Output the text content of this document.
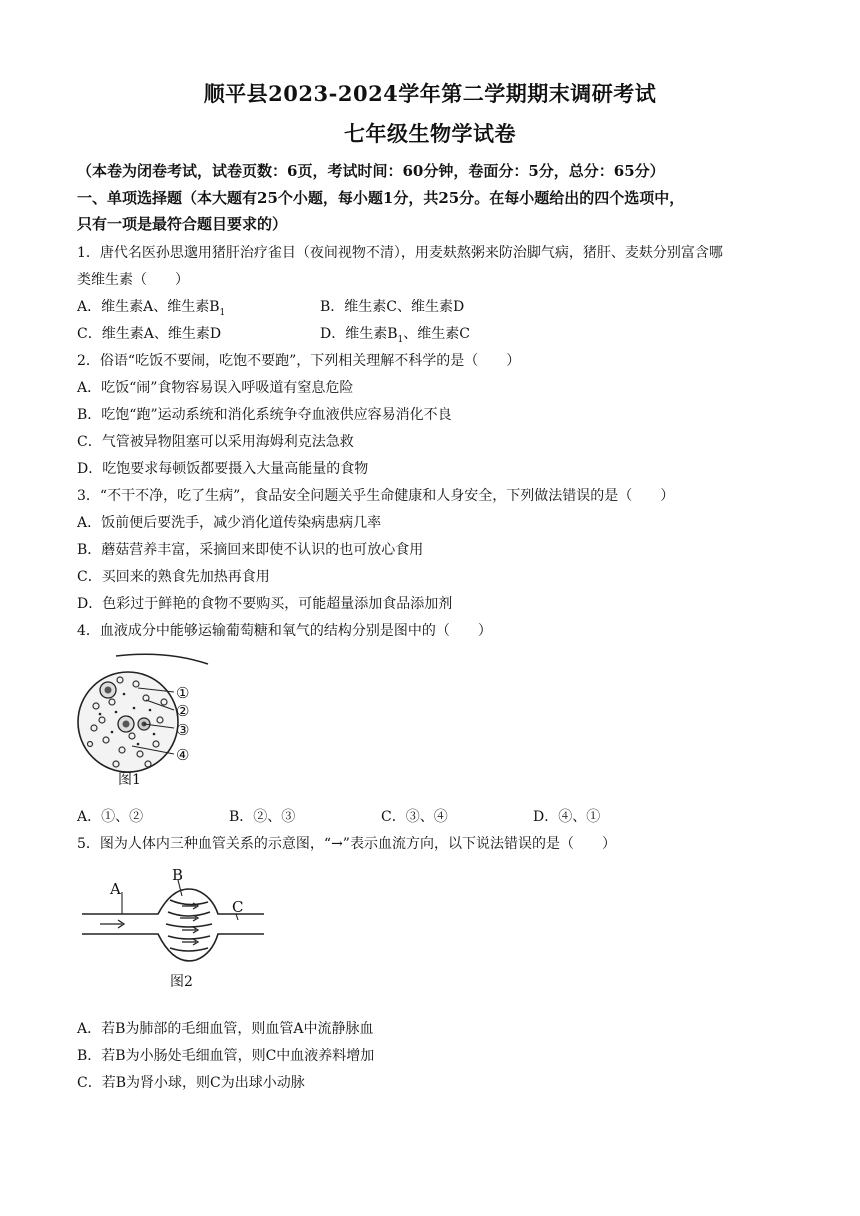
顺平县2023-2024学年第二学期期末调研考试
七年级生物学试卷
（本卷为闭卷考试，试卷页数：6页，考试时间：60分钟，卷面分：5分，总分：65分）
一、单项选择题（本大题有25个小题，每小题1分，共25分。在每小题给出的四个选项中，
只有一项是最符合题目要求的）
1．唐代名医孙思邈用猪肝治疗雀目（夜间视物不清），用麦麸熬粥来防治脚气病，猪肝、麦麸分别富含哪
类维生素（　　）
A．维生素A、维生素$B_1$	B．维生素C、维生素D
C．维生素A、维生素D	D．维生素$B_1$、维生素C
2．俗语“吃饭不要闹，吃饱不要跑”，下列相关理解不科学的是（　　）
A．吃饭“闹”食物容易误入呼吸道有窒息危险
B．吃饱“跑”运动系统和消化系统争夺血液供应容易消化不良
C．气管被异物阻塞可以采用海姆利克法急救
D．吃饱要求每顿饭都要摄入大量高能量的食物
3．“不干不净，吃了生病”，食品安全问题关乎生命健康和人身安全，下列做法错误的是（　　）
A．饭前便后要洗手，减少消化道传染病患病几率
B．蘑菇营养丰富，采摘回来即使不认识的也可放心食用
C．买回来的熟食先加热再食用
D．色彩过于鲜艳的食物不要购买，可能超量添加食品添加剂
4．血液成分中能够运输葡萄糖和氧气的结构分别是图中的（　　）
①
②
③
④
图1
A．①、②	B．②、③	C．③、④	D．④、①
5．图为人体内三种血管关系的示意图，“→”表示血流方向，以下说法错误的是（　　）
A
B
C
图2
A．若B为肺部的毛细血管，则血管A中流静脉血
B．若B为小肠处毛细血管，则C中血液养料增加
C．若B为肾小球，则C为出球小动脉
